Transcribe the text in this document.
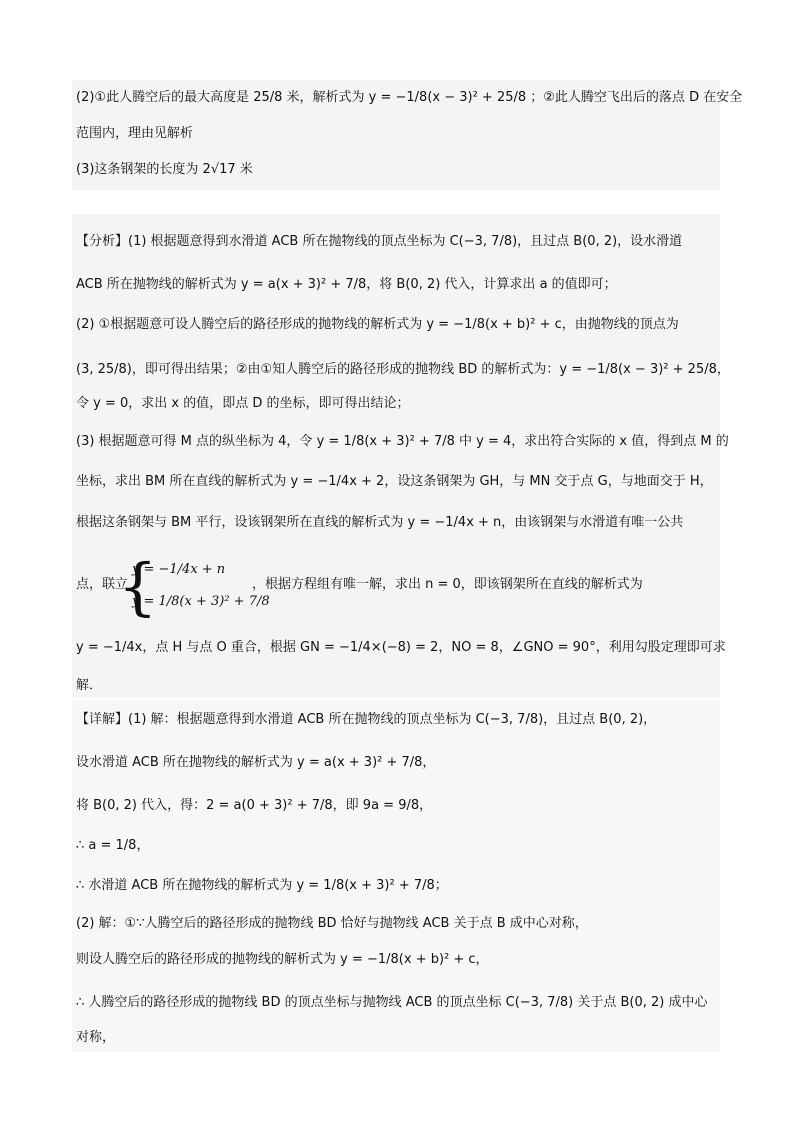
(2)①此人腾空后的最大高度是 25/8 米，解析式为 y = −1/8(x − 3)² + 25/8 ；②此人腾空飞出后的落点 D 在安全
范围内，理由见解析
(3)这条钢架的长度为 2√17 米
【分析】(1) 根据题意得到水滑道 ACB 所在抛物线的顶点坐标为 C(−3, 7/8)，且过点 B(0, 2)，设水滑道
ACB 所在抛物线的解析式为 y = a(x + 3)² + 7/8，将 B(0, 2) 代入，计算求出 a 的值即可；
(2) ①根据题意可设人腾空后的路径形成的抛物线的解析式为 y = −1/8(x + b)² + c，由抛物线的顶点为
(3, 25/8)，即可得出结果；②由①知人腾空后的路径形成的抛物线 BD 的解析式为：y = −1/8(x − 3)² + 25/8，
令 y = 0，求出 x 的值，即点 D 的坐标，即可得出结论；
(3) 根据题意可得 M 点的纵坐标为 4，令 y = 1/8(x + 3)² + 7/8 中 y = 4，求出符合实际的 x 值，得到点 M 的
坐标，求出 BM 所在直线的解析式为 y = −1/4x + 2，设这条钢架为 GH，与 MN 交于点 G，与地面交于 H，
根据这条钢架与 BM 平行，设该钢架所在直线的解析式为 y = −1/4x + n，由该钢架与水滑道有唯一公共
点，联立
{
y = −1/4x + n
y = 1/8(x + 3)² + 7/8
，根据方程组有唯一解，求出 n = 0，即该钢架所在直线的解析式为
y = −1/4x，点 H 与点 O 重合，根据 GN = −1/4×(−8) = 2，NO = 8，∠GNO = 90°，利用勾股定理即可求
解．
【详解】(1) 解：根据题意得到水滑道 ACB 所在抛物线的顶点坐标为 C(−3, 7/8)，且过点 B(0, 2)，
设水滑道 ACB 所在抛物线的解析式为 y = a(x + 3)² + 7/8，
将 B(0, 2) 代入，得：2 = a(0 + 3)² + 7/8，即 9a = 9/8，
∴ a = 1/8，
∴ 水滑道 ACB 所在抛物线的解析式为 y = 1/8(x + 3)² + 7/8；
(2) 解：①∵人腾空后的路径形成的抛物线 BD 恰好与抛物线 ACB 关于点 B 成中心对称，
则设人腾空后的路径形成的抛物线的解析式为 y = −1/8(x + b)² + c，
∴ 人腾空后的路径形成的抛物线 BD 的顶点坐标与抛物线 ACB 的顶点坐标 C(−3, 7/8) 关于点 B(0, 2) 成中心
对称，
